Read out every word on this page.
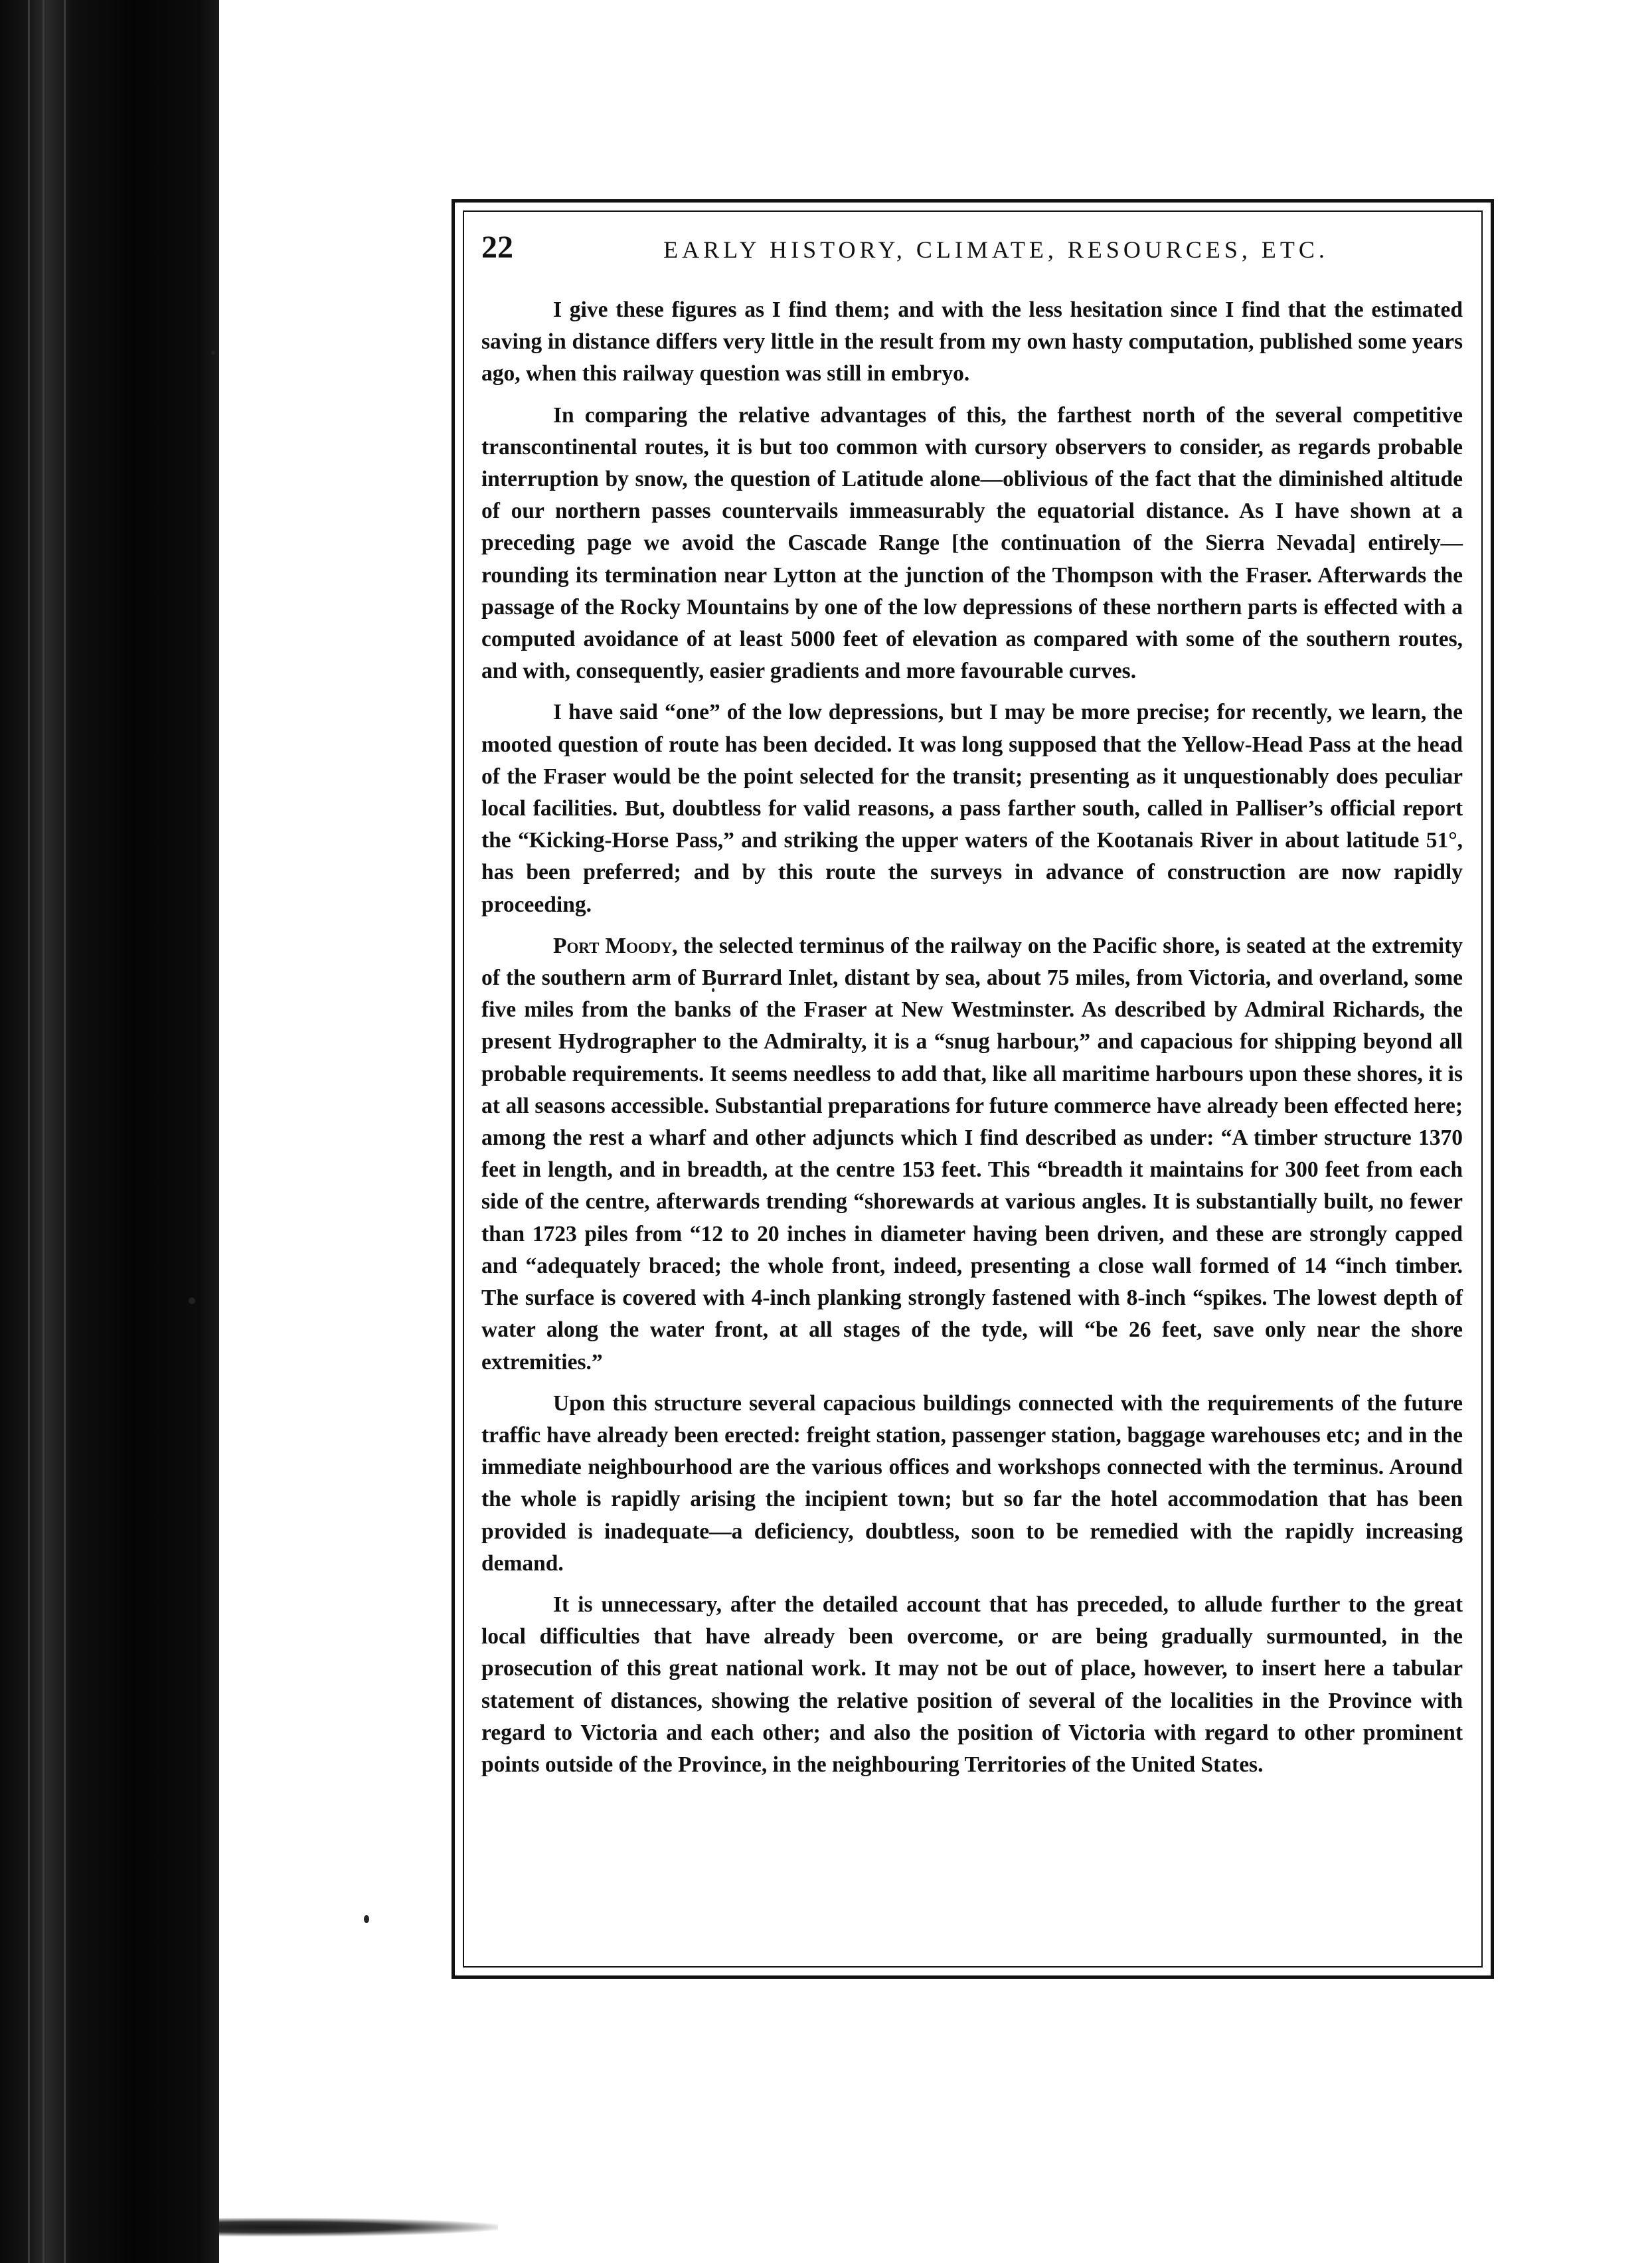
22	EARLY HISTORY, CLIMATE, RESOURCES, ETC.

I give these figures as I find them; and with the less hesitation since I find that the estimated saving in distance differs very little in the result from my own hasty computation, published some years ago, when this railway question was still in embryo.

In comparing the relative advantages of this, the farthest north of the several competitive transcontinental routes, it is but too common with cursory observers to consider, as regards probable interruption by snow, the question of Latitude alone—oblivious of the fact that the diminished altitude of our northern passes countervails immeasurably the equatorial distance. As I have shown at a preceding page we avoid the Cascade Range [the continuation of the Sierra Nevada] entirely—rounding its termination near Lytton at the junction of the Thompson with the Fraser. Afterwards the passage of the Rocky Mountains by one of the low depressions of these northern parts is effected with a computed avoidance of at least 5000 feet of elevation as compared with some of the southern routes, and with, consequently, easier gradients and more favourable curves.

I have said “one” of the low depressions, but I may be more precise; for recently, we learn, the mooted question of route has been decided. It was long supposed that the Yellow-Head Pass at the head of the Fraser would be the point selected for the transit; presenting as it unquestionably does peculiar local facilities. But, doubtless for valid reasons, a pass farther south, called in Palliser’s official report the “Kicking-Horse Pass,” and striking the upper waters of the Kootanais River in about latitude 51°, has been preferred; and by this route the surveys in advance of construction are now rapidly proceeding.

Port Moody, the selected terminus of the railway on the Pacific shore, is seated at the extremity of the southern arm of Burrard Inlet, distant by sea, about 75 miles, from Victoria, and overland, some five miles from the banks of the Fraser at New Westminster. As described by Admiral Richards, the present Hydrographer to the Admiralty, it is a “snug harbour,” and capacious for shipping beyond all probable requirements. It seems needless to add that, like all maritime harbours upon these shores, it is at all seasons accessible. Substantial preparations for future commerce have already been effected here; among the rest a wharf and other adjuncts which I find described as under: “A timber structure 1370 feet in length, and in breadth, at the centre 153 feet. This “breadth it maintains for 300 feet from each side of the centre, afterwards trending “shorewards at various angles. It is substantially built, no fewer than 1723 piles from “12 to 20 inches in diameter having been driven, and these are strongly capped and “adequately braced; the whole front, indeed, presenting a close wall formed of 14 “inch timber. The surface is covered with 4-inch planking strongly fastened with 8-inch “spikes. The lowest depth of water along the water front, at all stages of the tyde, will “be 26 feet, save only near the shore extremities.”

Upon this structure several capacious buildings connected with the requirements of the future traffic have already been erected: freight station, passenger station, baggage warehouses etc; and in the immediate neighbourhood are the various offices and workshops connected with the terminus. Around the whole is rapidly arising the incipient town; but so far the hotel accommodation that has been provided is inadequate—a deficiency, doubtless, soon to be remedied with the rapidly increasing demand.

It is unnecessary, after the detailed account that has preceded, to allude further to the great local difficulties that have already been overcome, or are being gradually surmounted, in the prosecution of this great national work. It may not be out of place, however, to insert here a tabular statement of distances, showing the relative position of several of the localities in the Province with regard to Victoria and each other; and also the position of Victoria with regard to other prominent points outside of the Province, in the neighbouring Territories of the United States.
